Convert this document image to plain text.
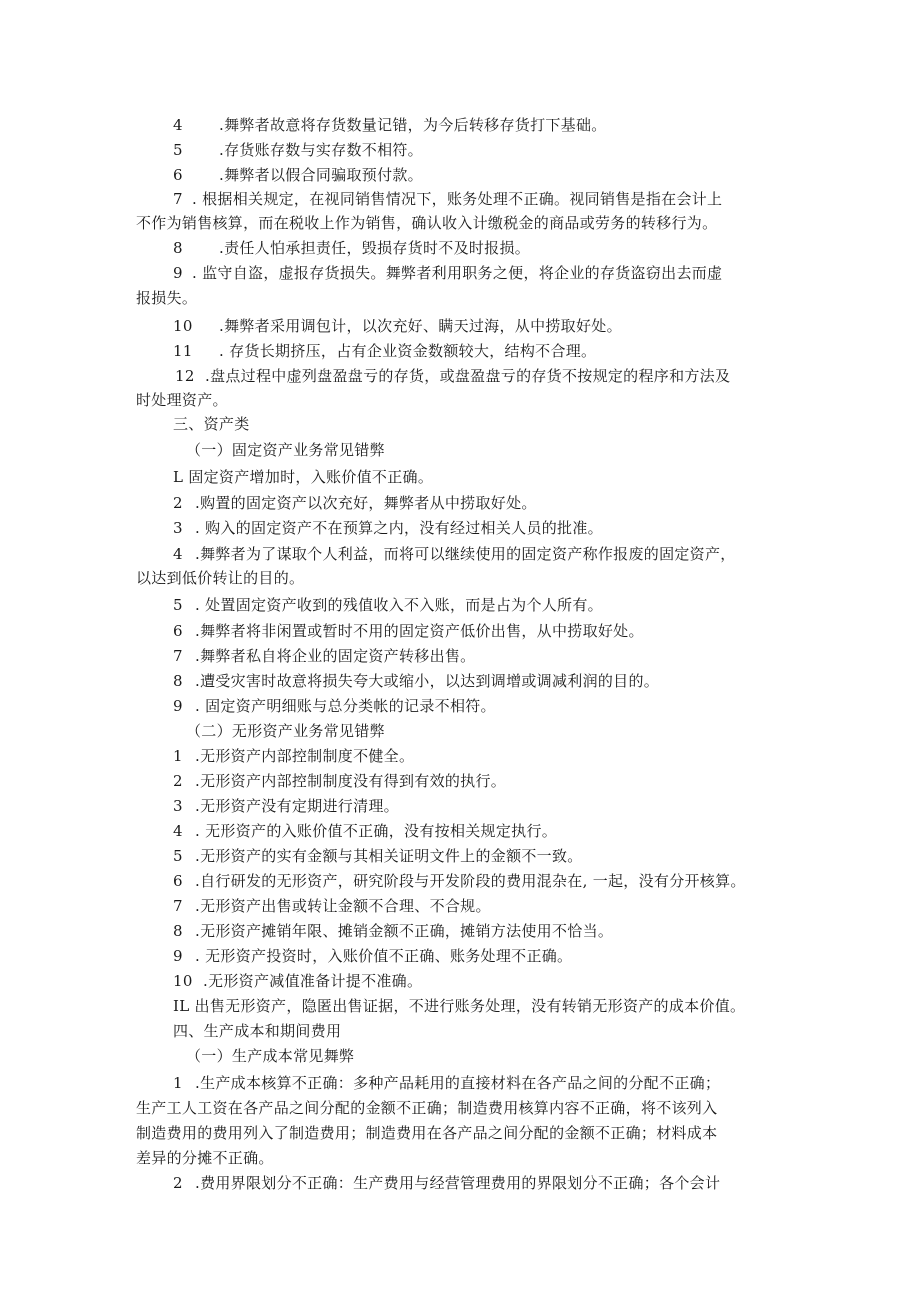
4 .舞弊者故意将存货数量记错，为今后转移存货打下基础。
5 .存货账存数与实存数不相符。
6 .舞弊者以假合同骗取预付款。
7 . 根据相关规定，在视同销售情况下，账务处理不正确。视同销售是指在会计上
不作为销售核算，而在税收上作为销售，确认收入计缴税金的商品或劳务的转移行为。
8 .责任人怕承担责任，毁损存货时不及时报损。
9 . 监守自盗，虚报存货损失。舞弊者利用职务之便，将企业的存货盗窃出去而虚
报损失。
10 .舞弊者采用调包计，以次充好、瞒天过海，从中捞取好处。
11 . 存货长期挤压，占有企业资金数额较大，结构不合理。
12 .盘点过程中虚列盘盈盘亏的存货，或盘盈盘亏的存货不按规定的程序和方法及
时处理资产。
三、资产类
（一）固定资产业务常见错弊
L 固定资产增加时，入账价值不正确。
2 .购置的固定资产以次充好，舞弊者从中捞取好处。
3 . 购入的固定资产不在预算之内，没有经过相关人员的批准。
4 .舞弊者为了谋取个人利益，而将可以继续使用的固定资产称作报废的固定资产，
以达到低价转让的目的。
5 . 处置固定资产收到的残值收入不入账，而是占为个人所有。
6 .舞弊者将非闲置或暂时不用的固定资产低价出售，从中捞取好处。
7 .舞弊者私自将企业的固定资产转移出售。
8 .遭受灾害时故意将损失夸大或缩小，以达到调增或调减利润的目的。
9 . 固定资产明细账与总分类帐的记录不相符。
（二）无形资产业务常见错弊
1 .无形资产内部控制制度不健全。
2 .无形资产内部控制制度没有得到有效的执行。
3 .无形资产没有定期进行清理。
4 . 无形资产的入账价值不正确，没有按相关规定执行。
5 .无形资产的实有金额与其相关证明文件上的金额不一致。
6 .自行研发的无形资产，研究阶段与开发阶段的费用混杂在, 一起，没有分开核算。
7 .无形资产出售或转让金额不合理、不合规。
8 .无形资产摊销年限、摊销金额不正确，摊销方法使用不恰当。
9 . 无形资产投资时，入账价值不正确、账务处理不正确。
10 .无形资产减值准备计提不准确。
IL 出售无形资产，隐匿出售证据，不进行账务处理，没有转销无形资产的成本价值。
四、生产成本和期间费用
（一）生产成本常见舞弊
1 .生产成本核算不正确：多种产品耗用的直接材料在各产品之间的分配不正确；
生产工人工资在各产品之间分配的金额不正确；制造费用核算内容不正确，将不该列入
制造费用的费用列入了制造费用；制造费用在各产品之间分配的金额不正确；材料成本
差异的分摊不正确。
2 .费用界限划分不正确：生产费用与经营管理费用的界限划分不正确；各个会计
